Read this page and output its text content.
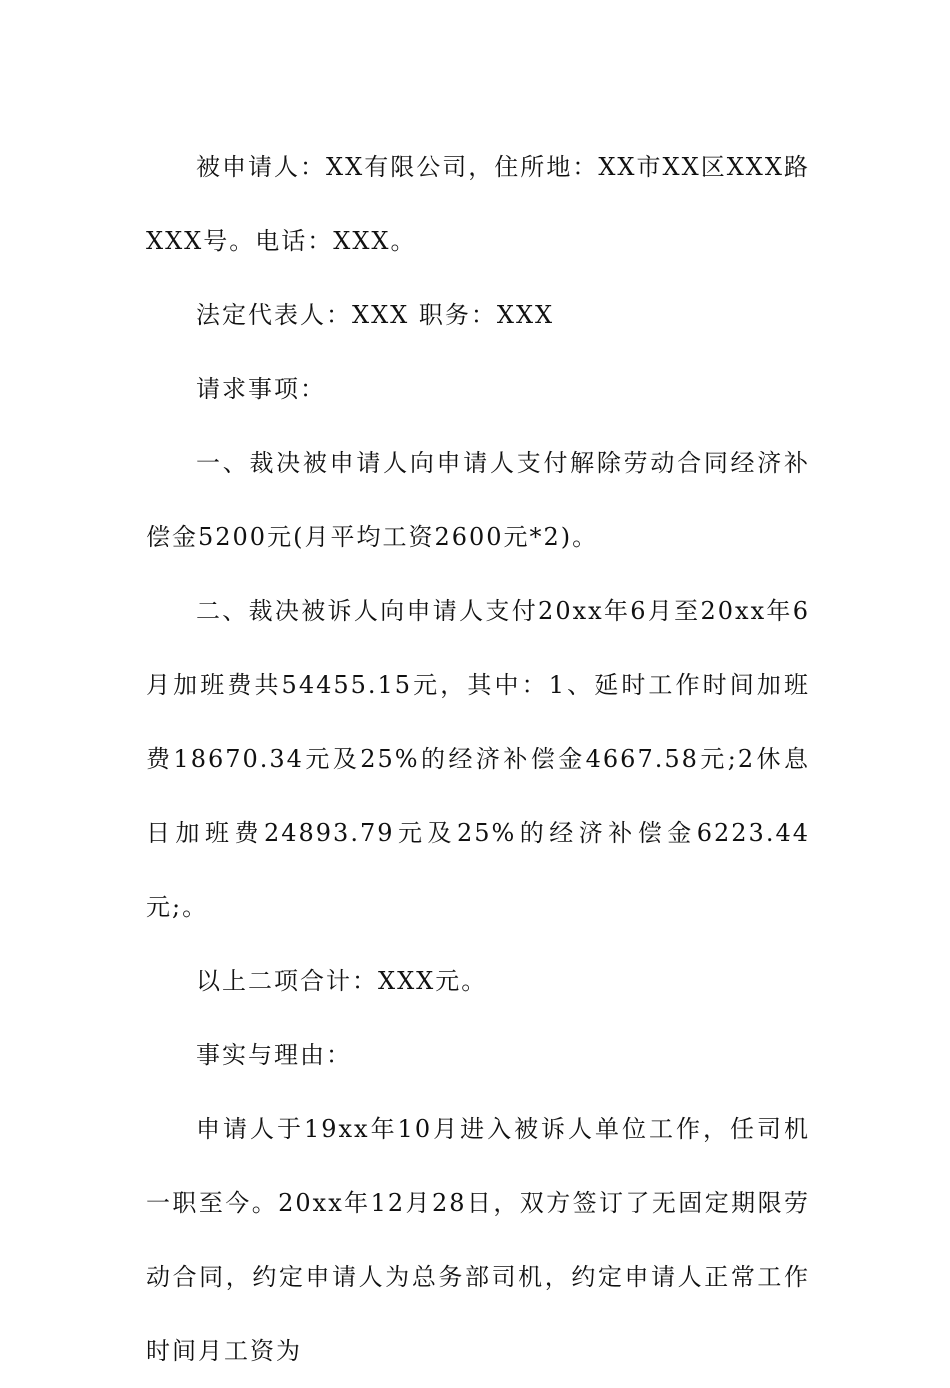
被申请人：XX有限公司，住所地：XX市XX区XXX路XXX号。电话：XXX。

法定代表人：XXX 职务：XXX

请求事项：

一、裁决被申请人向申请人支付解除劳动合同经济补偿金5200元(月平均工资2600元*2)。

二、裁决被诉人向申请人支付20xx年6月至20xx年6月加班费共54455.15元，其中：1、延时工作时间加班费18670.34元及25%的经济补偿金4667.58元;2休息日加班费24893.79元及25%的经济补偿金6223.44元;。

以上二项合计：XXX元。

事实与理由：

申请人于19xx年10月进入被诉人单位工作，任司机一职至今。20xx年12月28日，双方签订了无固定期限劳动合同，约定申请人为总务部司机，约定申请人正常工作时间月工资为
